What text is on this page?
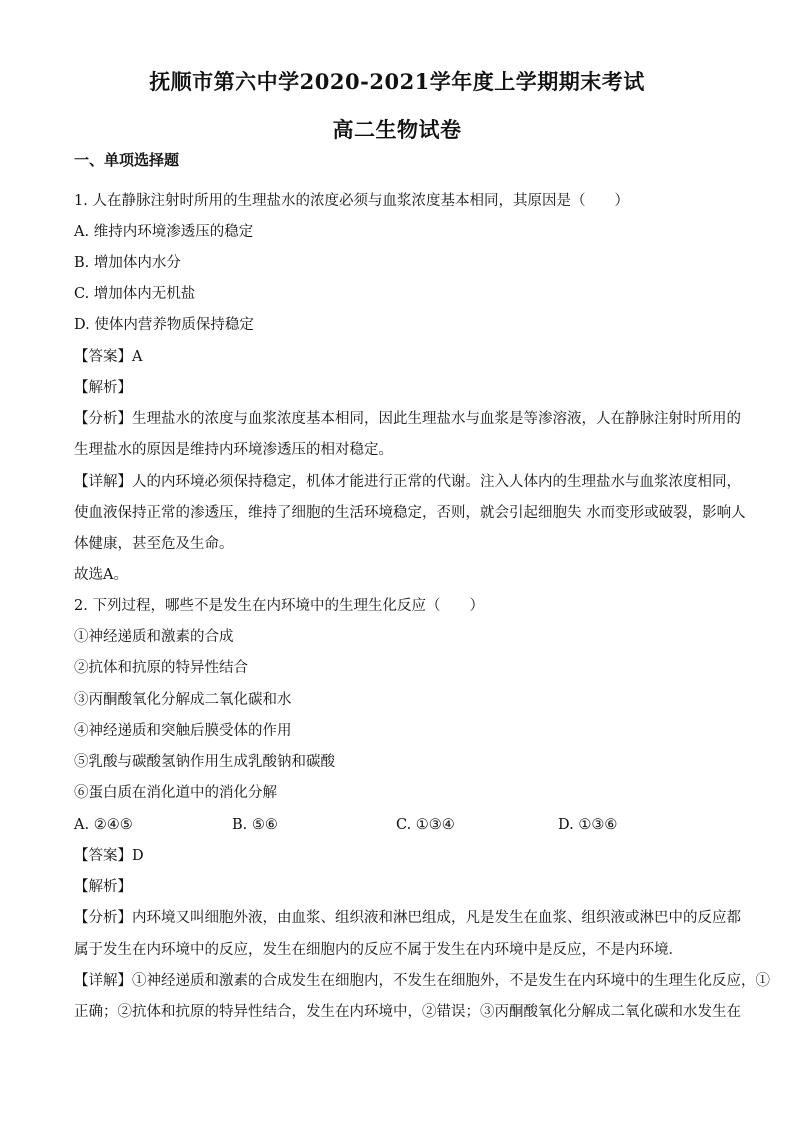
抚顺市第六中学2020-2021学年度上学期期末考试
高二生物试卷
一、单项选择题
1. 人在静脉注射时所用的生理盐水的浓度必须与血浆浓度基本相同，其原因是（　　）
A. 维持内环境渗透压的稳定
B. 增加体内水分
C. 增加体内无机盐
D. 使体内营养物质保持稳定
【答案】A
【解析】
【分析】生理盐水的浓度与血浆浓度基本相同，因此生理盐水与血浆是等渗溶液，人在静脉注射时所用的
生理盐水的原因是维持内环境渗透压的相对稳定。
【详解】人的内环境必须保持稳定，机体才能进行正常的代谢。注入人体内的生理盐水与血浆浓度相同，
使血液保持正常的渗透压，维持了细胞的生活环境稳定，否则，就会引起细胞失 水而变形或破裂，影响人
体健康，甚至危及生命。
故选A。
2. 下列过程，哪些不是发生在内环境中的生理生化反应（　　）
①神经递质和激素的合成
②抗体和抗原的特异性结合
③丙酮酸氧化分解成二氧化碳和水
④神经递质和突触后膜受体的作用
⑤乳酸与碳酸氢钠作用生成乳酸钠和碳酸
⑥蛋白质在消化道中的消化分解
A. ②④⑤	B. ⑤⑥	C. ①③④	D. ①③⑥
【答案】D
【解析】
【分析】内环境又叫细胞外液，由血浆、组织液和淋巴组成，凡是发生在血浆、组织液或淋巴中的反应都
属于发生在内环境中的反应，发生在细胞内的反应不属于发生在内环境中是反应，不是内环境．
【详解】①神经递质和激素的合成发生在细胞内，不发生在细胞外，不是发生在内环境中的生理生化反应，①
正确；②抗体和抗原的特异性结合，发生在内环境中，②错误；③丙酮酸氧化分解成二氧化碳和水发生在
